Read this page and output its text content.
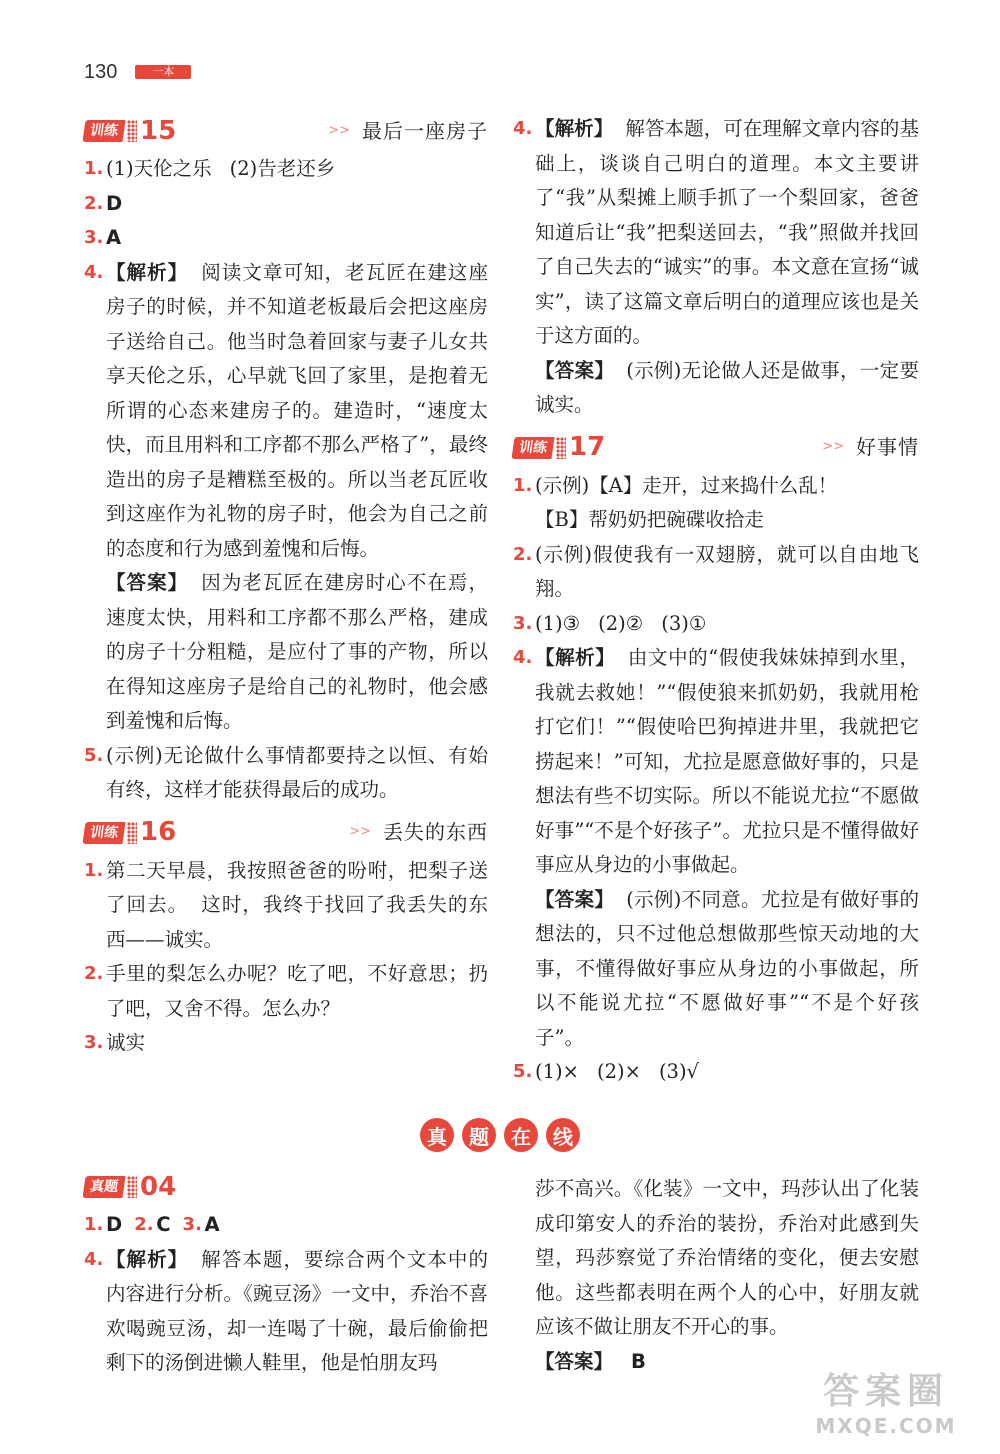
130	一本
训练 15	>> 最后一座房子
1. (1)天伦之乐 (2)告老还乡
2. D
3. A
4. 【解析】 阅读文章可知，老瓦匠在建这座房子的时候，并不知道老板最后会把这座房子送给自己。他当时急着回家与妻子儿女共享天伦之乐，心早就飞回了家里，是抱着无所谓的心态来建房子的。建造时，“速度太快，而且用料和工序都不那么严格了”，最终造出的房子是糟糕至极的。所以当老瓦匠收到这座作为礼物的房子时，他会为自己之前的态度和行为感到羞愧和后悔。
【答案】 因为老瓦匠在建房时心不在焉，速度太快，用料和工序都不那么严格，建成的房子十分粗糙，是应付了事的产物，所以在得知这座房子是给自己的礼物时，他会感到羞愧和后悔。
5. (示例)无论做什么事情都要持之以恒、有始有终，这样才能获得最后的成功。
训练 16	>> 丢失的东西
1. 第二天早晨，我按照爸爸的吩咐，把梨子送了回去。 这时，我终于找回了我丢失的东西——诚实。
2. 手里的梨怎么办呢？吃了吧，不好意思；扔了吧，又舍不得。怎么办？
3. 诚实
4. 【解析】 解答本题，可在理解文章内容的基础上，谈谈自己明白的道理。本文主要讲了“我”从梨摊上顺手抓了一个梨回家，爸爸知道后让“我”把梨送回去，“我”照做并找回了自己失去的“诚实”的事。本文意在宣扬“诚实”，读了这篇文章后明白的道理应该也是关于这方面的。
【答案】 (示例)无论做人还是做事，一定要诚实。
训练 17	>> 好事情
1. (示例)【A】走开，过来捣什么乱！
【B】帮奶奶把碗碟收拾走
2. (示例)假使我有一双翅膀，就可以自由地飞翔。
3. (1)③ (2)② (3)①
4. 【解析】 由文中的“假使我妹妹掉到水里，我就去救她！”“假使狼来抓奶奶，我就用枪打它们！”“假使哈巴狗掉进井里，我就把它捞起来！”可知，尤拉是愿意做好事的，只是想法有些不切实际。所以不能说尤拉“不愿做好事”“不是个好孩子”。尤拉只是不懂得做好事应从身边的小事做起。
【答案】 (示例)不同意。尤拉是有做好事的想法的，只不过他总想做那些惊天动地的大事，不懂得做好事应从身边的小事做起，所以不能说尤拉“不愿做好事”“不是个好孩子”。
5. (1)× (2)× (3)√
真	题	在	线
真题 04
1. D 2. C 3. A
4. 【解析】 解答本题，要综合两个文本中的内容进行分析。《豌豆汤》一文中，乔治不喜欢喝豌豆汤，却一连喝了十碗，最后偷偷把剩下的汤倒进懒人鞋里，他是怕朋友玛
莎不高兴。《化装》一文中，玛莎认出了化装成印第安人的乔治的装扮，乔治对此感到失望，玛莎察觉了乔治情绪的变化，便去安慰他。这些都表明在两个人的心中，好朋友就应该不做让朋友不开心的事。
【答案】 B
答案圈
MXQE.COM
